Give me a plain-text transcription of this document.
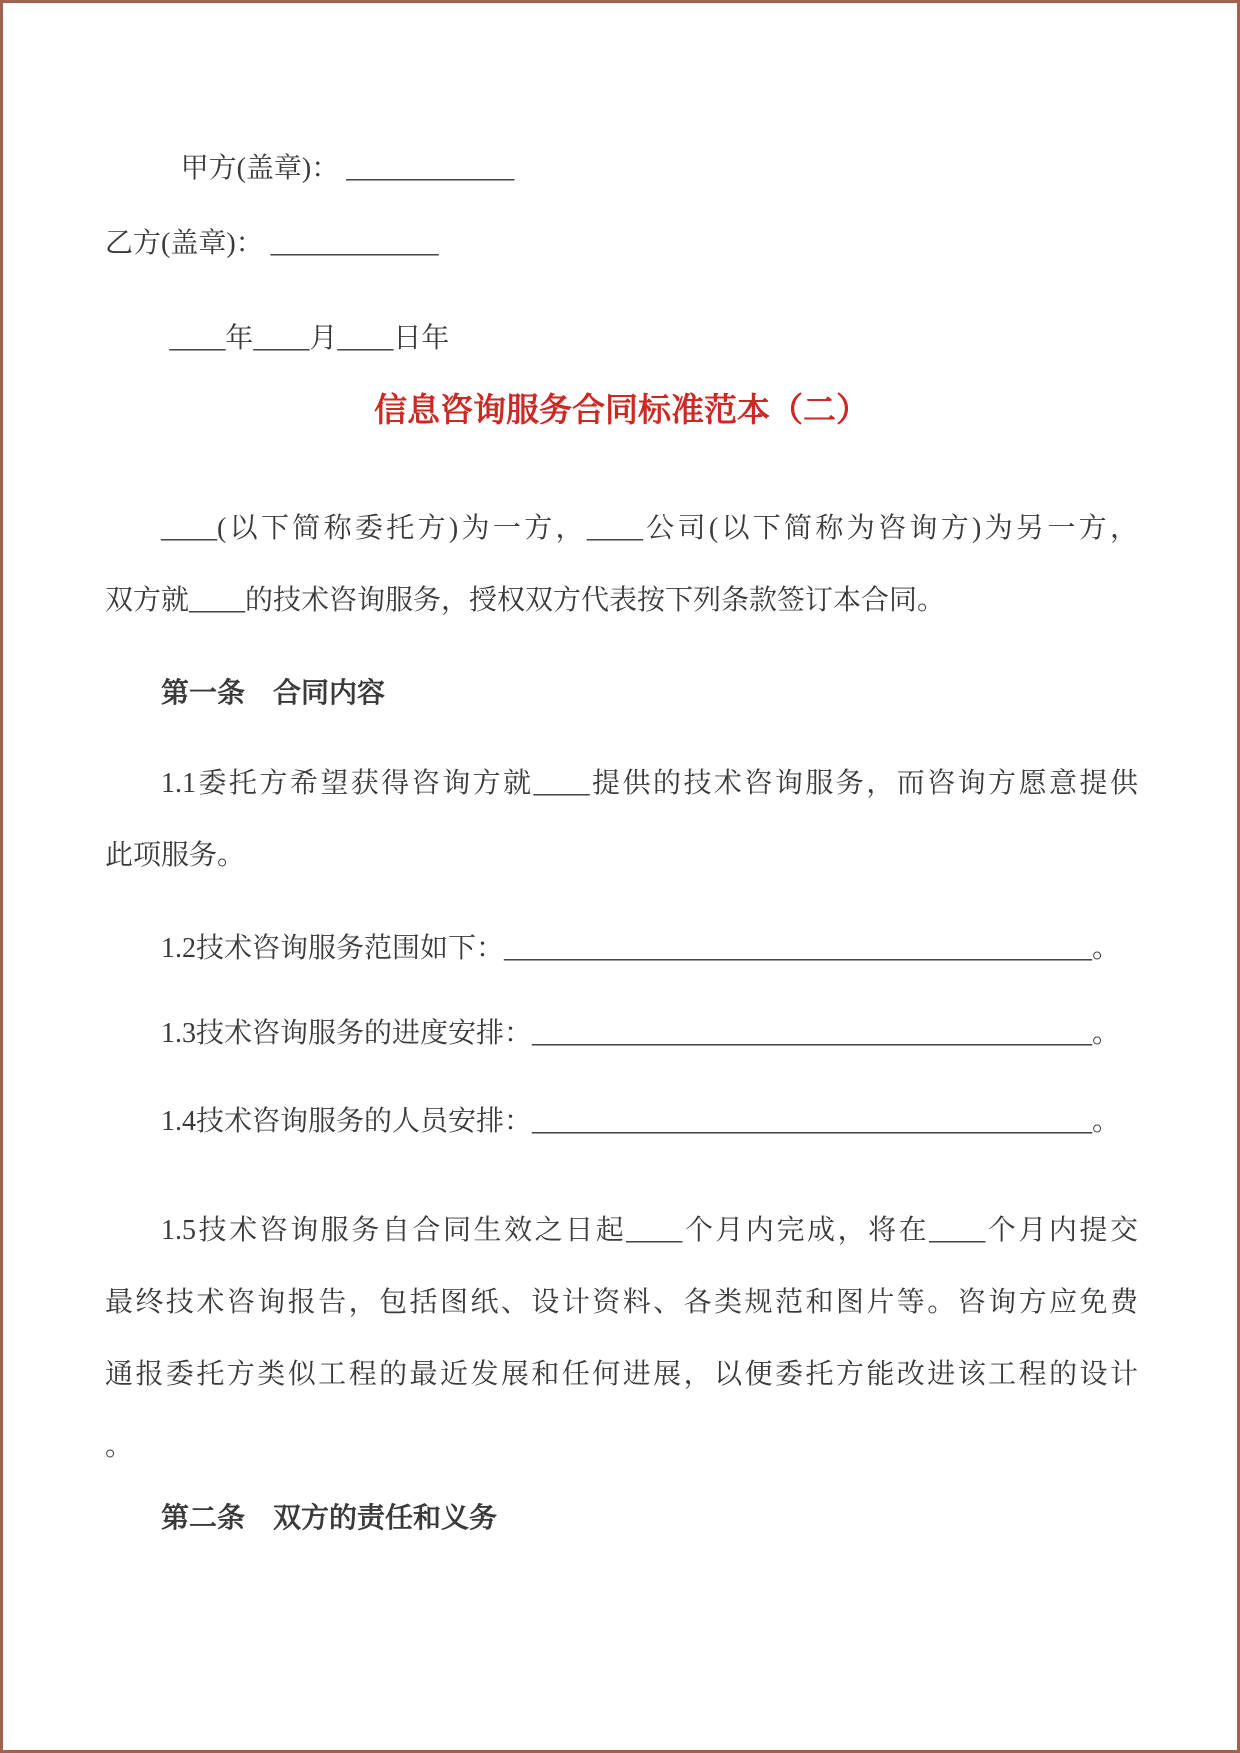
甲方(盖章)： ____________

乙方(盖章)： ____________

____年____月____日年

信息咨询服务合同标准范本（二）

____(以下简称委托方)为一方，____公司(以下简称为咨询方)为另一方，
双方就____的技术咨询服务，授权双方代表按下列条款签订本合同。

第一条　合同内容

1.1委托方希望获得咨询方就____提供的技术咨询服务，而咨询方愿意提供
此项服务。

1.2技术咨询服务范围如下：__________________________________________。

1.3技术咨询服务的进度安排：________________________________________。

1.4技术咨询服务的人员安排：________________________________________。

1.5技术咨询服务自合同生效之日起____个月内完成，将在____个月内提交
最终技术咨询报告，包括图纸、设计资料、各类规范和图片等。咨询方应免费
通报委托方类似工程的最近发展和任何进展，以便委托方能改进该工程的设计
。

第二条　双方的责任和义务
